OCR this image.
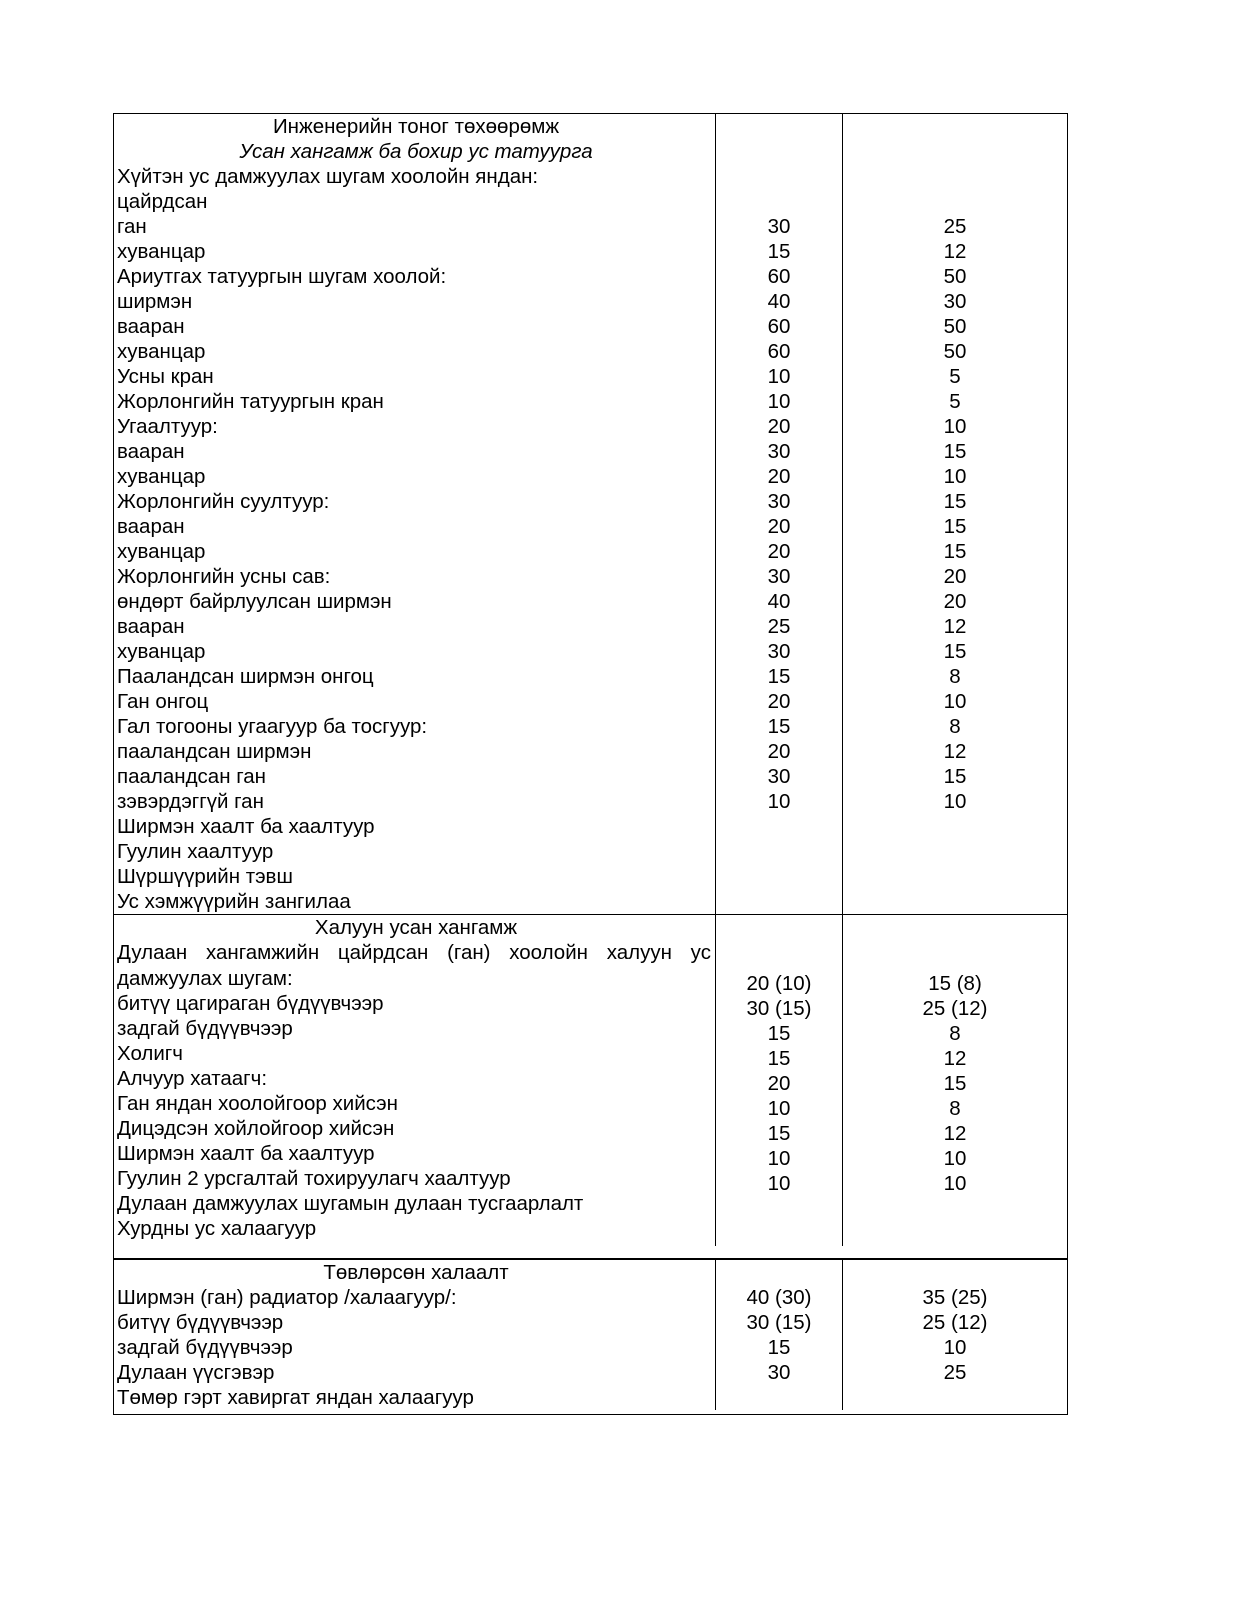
Инженерийн тоног төхөөрөмж
Усан хангамж ба бохир ус татуурга
Хүйтэн ус дамжуулах шугам хоолойн яндан:
цайрдсан
ган
хуванцар
Ариутгах татуургын шугам хоолой:
ширмэн
ваарaн
хуванцар
Усны кран
Жорлонгийн татуургын кран
Угаалтуур:
вааран
хуванцар
Жорлонгийн суултуур:
вааран
хуванцар
Жорлонгийн усны сав:
өндөрт байрлуулсан ширмэн
вааран
хуванцар
Паалaндсан ширмэн онгоц
Ган онгоц
Гал тогооны угаагуур ба тосгуур:
паалaндсан ширмэн
паалaндсан ган
зэвэрдэггүй ган
Ширмэн хаалт ба хаалтуур
Гуулин хаалтуур
Шүршүүрийн тэвш
Ус хэмжүүрийн зангилаа
30
15
60
40
60
60
10
10
20
30
20
30
20
20
30
40
25
30
15
20
15
20
30
10
25
12
50
30
50
50
5
5
10
15
10
15
15
15
20
20
12
15
8
10
8
12
15
10
Халуун усан хангамж
Дулаан хангамжийн цайрдсан (ган) хоолойн халуун ус
дамжуулах шугам:
битүү цагираган бүдүүвчээр
задгай бүдүүвчээр
Холигч
Алчуур хатаагч:
Ган яндан хоолойгоор хийсэн
Дицэдсэн хойлойгоор хийсэн
Ширмэн хаалт ба хаалтуур
Гуулин 2 урсгалтай тохируулагч хаалтуур
Дулаан дамжуулах шугамын дулаан тусгаарлалт
Хурдны ус халаагуур
20 (10)
30 (15)
15
15
20
10
15
10
10
15 (8)
25 (12)
8
12
15
8
12
10
10
Төвлөрсөн халаалт
Ширмэн (ган) радиатор /халаагуур/:
битүү бүдүүвчээр
задгай бүдүүвчээр
Дулаан үүсгэвэр
Төмөр гэрт хавиргат яндан халаагуур
40 (30)
30 (15)
15
30
35 (25)
25 (12)
10
25
